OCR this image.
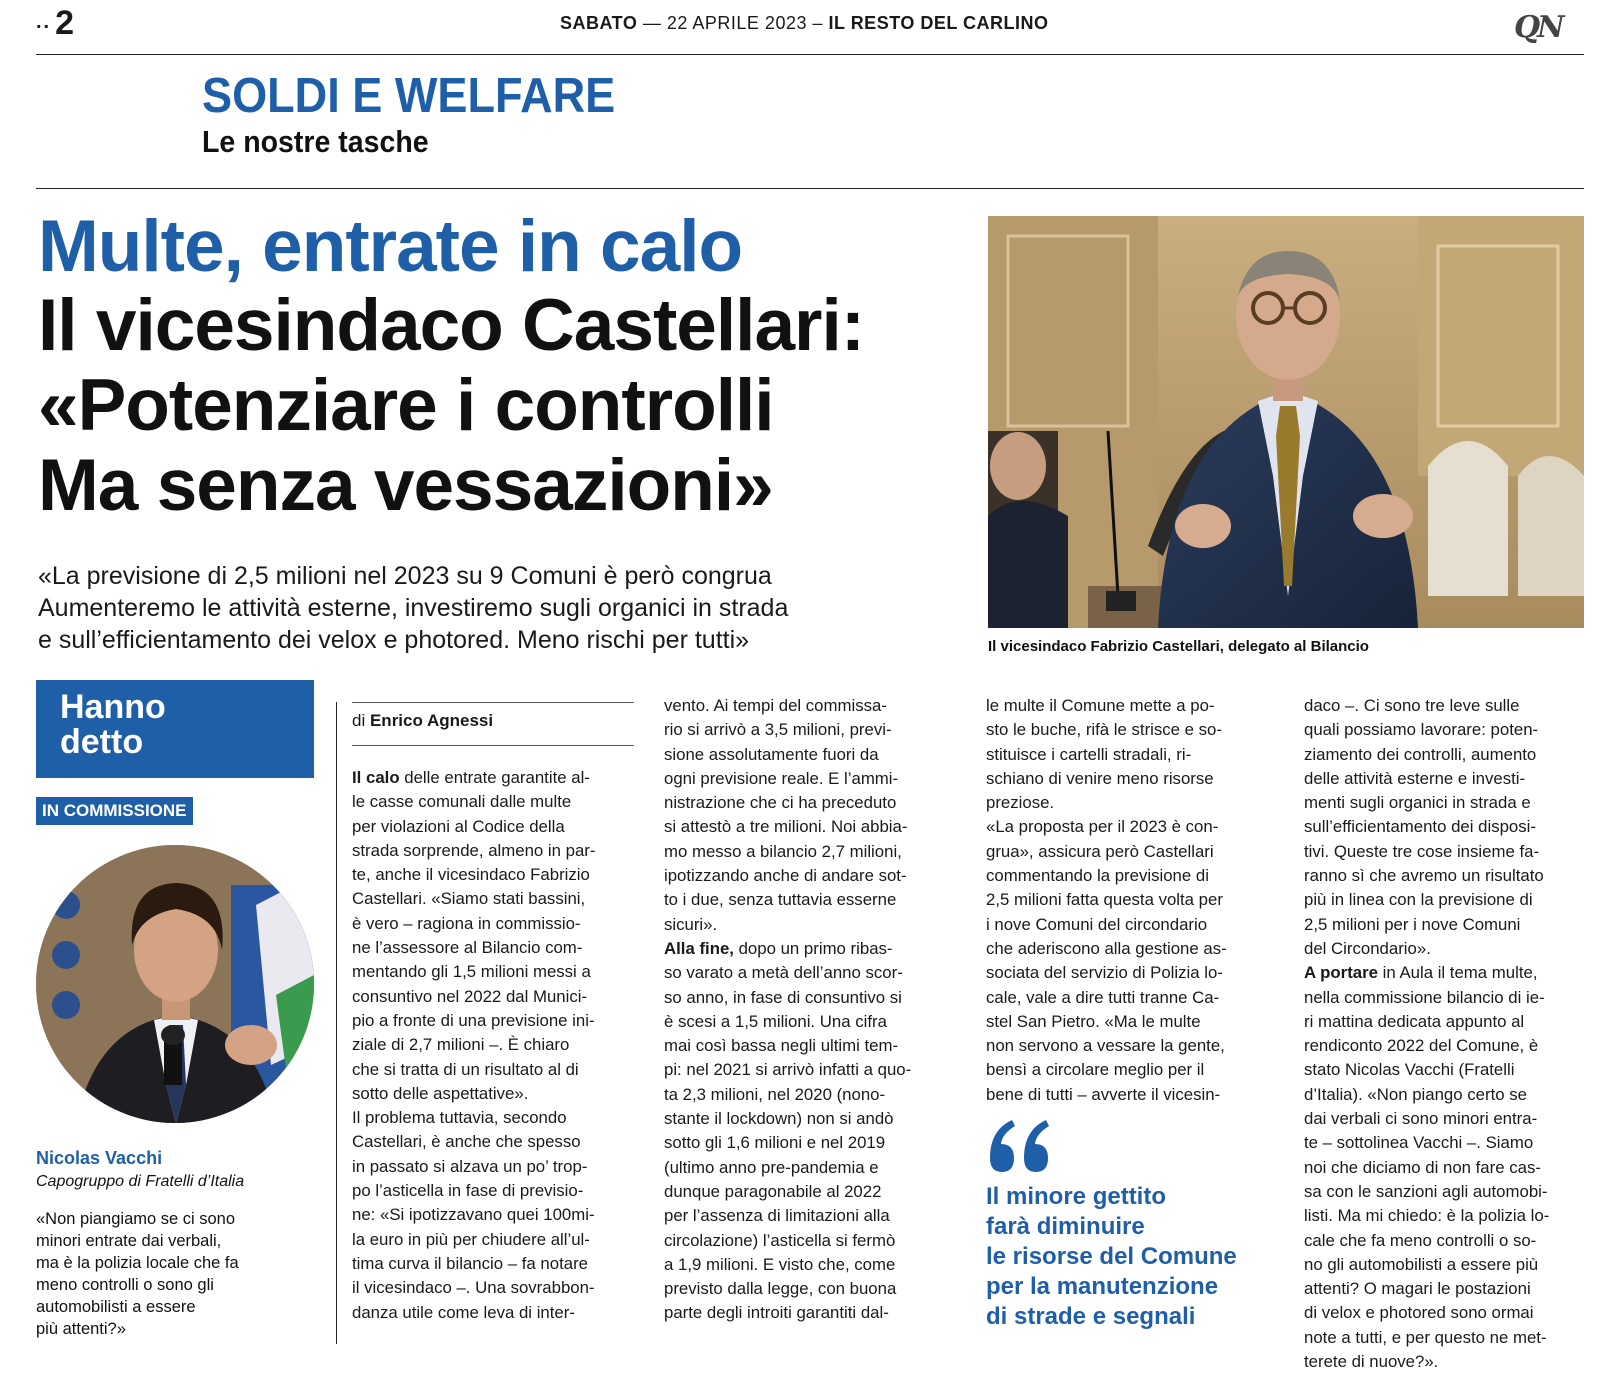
.. 2	SABATO — 22 APRILE 2023 – IL RESTO DEL CARLINO	QN
SOLDI E WELFARE
Le nostre tasche
Multe, entrate in calo
Il vicesindaco Castellari:
«Potenziare i controlli
Ma senza vessazioni»
«La previsione di 2,5 milioni nel 2023 su 9 Comuni è però congrua
Aumenteremo le attività esterne, investiremo sugli organici in strada
e sull’efficientamento dei velox e photored. Meno rischi per tutti»	Il vicesindaco Fabrizio Castellari, delegato al Bilancio
Hanno
detto
IN COMMISSIONE
Nicolas Vacchi
Capogruppo di Fratelli d’Italia
«Non piangiamo se ci sono
minori entrate dai verbali,
ma è la polizia locale che fa
meno controlli o sono gli
automobilisti a essere
più attenti?»
di Enrico Agnessi
Il calo delle entrate garantite al-
le casse comunali dalle multe
per violazioni al Codice della
strada sorprende, almeno in par-
te, anche il vicesindaco Fabrizio
Castellari. «Siamo stati bassini,
è vero – ragiona in commissio-
ne l’assessore al Bilancio com-
mentando gli 1,5 milioni messi a
consuntivo nel 2022 dal Munici-
pio a fronte di una previsione ini-
ziale di 2,7 milioni –. È chiaro
che si tratta di un risultato al di
sotto delle aspettative».
Il problema tuttavia, secondo
Castellari, è anche che spesso
in passato si alzava un po’ trop-
po l’asticella in fase di previsio-
ne: «Si ipotizzavano quei 100mi-
la euro in più per chiudere all’ul-
tima curva il bilancio – fa notare
il vicesindaco –. Una sovrabbon-
danza utile come leva di inter-
vento. Ai tempi del commissa-
rio si arrivò a 3,5 milioni, previ-
sione assolutamente fuori da
ogni previsione reale. E l’ammi-
nistrazione che ci ha preceduto
si attestò a tre milioni. Noi abbia-
mo messo a bilancio 2,7 milioni,
ipotizzando anche di andare sot-
to i due, senza tuttavia esserne
sicuri».
Alla fine, dopo un primo ribas-
so varato a metà dell’anno scor-
so anno, in fase di consuntivo si
è scesi a 1,5 milioni. Una cifra
mai così bassa negli ultimi tem-
pi: nel 2021 si arrivò infatti a quo-
ta 2,3 milioni, nel 2020 (nono-
stante il lockdown) non si andò
sotto gli 1,6 milioni e nel 2019
(ultimo anno pre-pandemia e
dunque paragonabile al 2022
per l’assenza di limitazioni alla
circolazione) l’asticella si fermò
a 1,9 milioni. E visto che, come
previsto dalla legge, con buona
parte degli introiti garantiti dal-
le multe il Comune mette a po-
sto le buche, rifà le strisce e so-
stituisce i cartelli stradali, ri-
schiano di venire meno risorse
preziose.
«La proposta per il 2023 è con-
grua», assicura però Castellari
commentando la previsione di
2,5 milioni fatta questa volta per
i nove Comuni del circondario
che aderiscono alla gestione as-
sociata del servizio di Polizia lo-
cale, vale a dire tutti tranne Ca-
stel San Pietro. «Ma le multe
non servono a vessare la gente,
bensì a circolare meglio per il
bene di tutti – avverte il vicesin-
Il minore gettito
farà diminuire
le risorse del Comune
per la manutenzione
di strade e segnali
daco –. Ci sono tre leve sulle
quali possiamo lavorare: poten-
ziamento dei controlli, aumento
delle attività esterne e investi-
menti sugli organici in strada e
sull’efficientamento dei disposi-
tivi. Queste tre cose insieme fa-
ranno sì che avremo un risultato
più in linea con la previsione di
2,5 milioni per i nove Comuni
del Circondario».
A portare in Aula il tema multe,
nella commissione bilancio di ie-
ri mattina dedicata appunto al
rendiconto 2022 del Comune, è
stato Nicolas Vacchi (Fratelli
d’Italia). «Non piango certo se
dai verbali ci sono minori entra-
te – sottolinea Vacchi –. Siamo
noi che diciamo di non fare cas-
sa con le sanzioni agli automobi-
listi. Ma mi chiedo: è la polizia lo-
cale che fa meno controlli o so-
no gli automobilisti a essere più
attenti? O magari le postazioni
di velox e photored sono ormai
note a tutti, e per questo ne met-
terete di nuove?».
